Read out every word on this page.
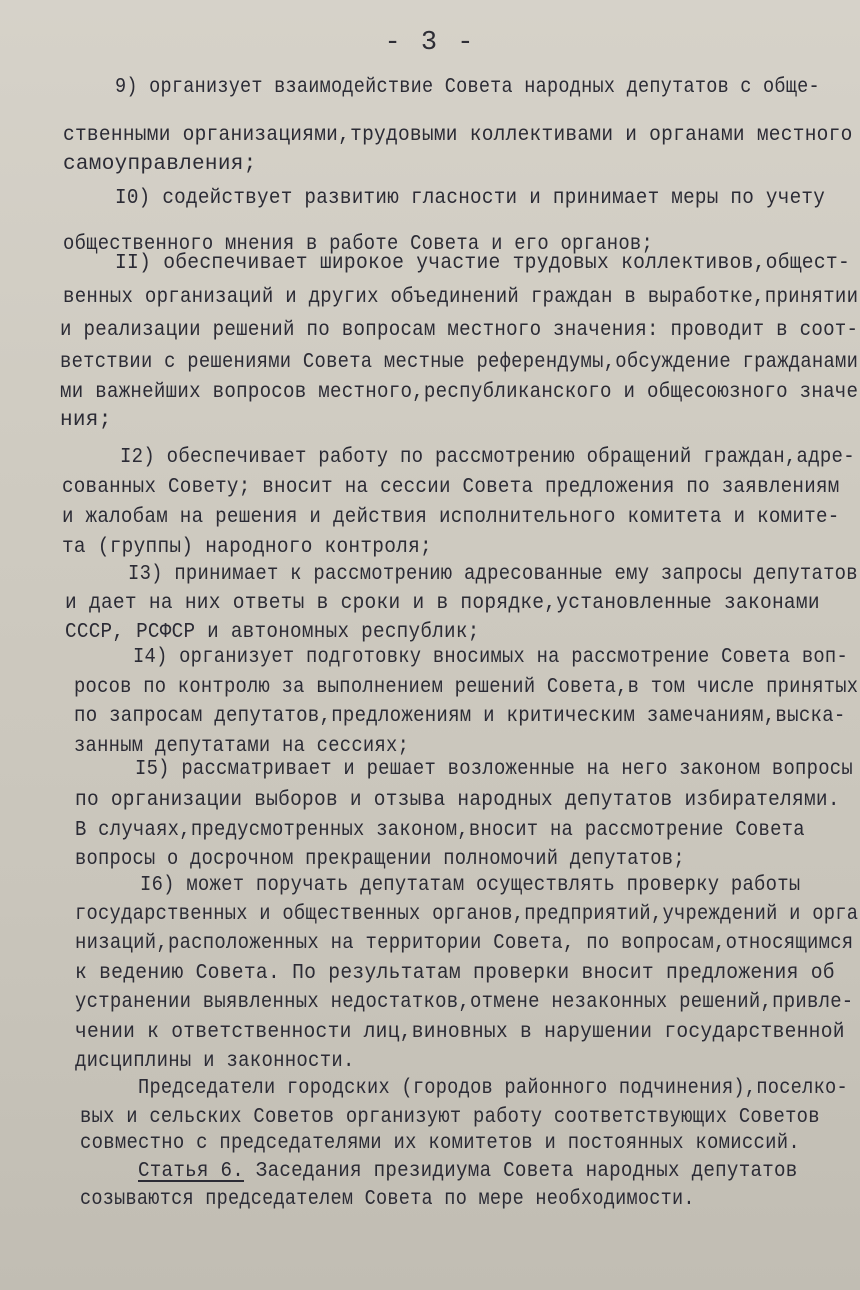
- 3 -
9) организует взаимодействие Совета народных депутатов с обще-
ственными организациями,трудовыми коллективами и органами местного
самоуправления;
I0) содействует развитию гласности и принимает меры по учету
общественного мнения в работе Совета и его органов;
II) обеспечивает широкое участие трудовых коллективов,общест-
венных организаций и других объединений граждан в выработке,принятии
и реализации решений по вопросам местного значения: проводит в соот-
ветствии с решениями Совета местные референдумы,обсуждение гражданами
ми важнейших вопросов местного,республиканского и общесоюзного значе
ния;
I2) обеспечивает работу по рассмотрению обращений граждан,адре-
сованных Совету; вносит на сессии Совета предложения по заявлениям
и жалобам на решения и действия исполнительного комитета и комите-
та (группы) народного контроля;
I3) принимает к рассмотрению адресованные ему запросы депутатов
и дает на них ответы в сроки и в порядке,установленные законами
СССР, РСФСР и автономных республик;
I4) организует подготовку вносимых на рассмотрение Совета воп-
росов по контролю за выполнением решений Совета,в том числе принятых
по запросам депутатов,предложениям и критическим замечаниям,выска-
занным депутатами на сессиях;
I5) рассматривает и решает возложенные на него законом вопросы
по организации выборов и отзыва народных депутатов избирателями.
В случаях,предусмотренных законом,вносит на рассмотрение Совета
вопросы о досрочном прекращении полномочий депутатов;
I6) может поручать депутатам осуществлять проверку работы
государственных и общественных органов,предприятий,учреждений и орга
низаций,расположенных на территории Совета, по вопросам,относящимся
к ведению Совета. По результатам проверки вносит предложения об
устранении выявленных недостатков,отмене незаконных решений,привле-
чении к ответственности лиц,виновных в нарушении государственной
дисциплины и законности.
Председатели городских (городов районного подчинения),поселко-
вых и сельских Советов организуют работу соответствующих Советов
совместно с председателями их комитетов и постоянных комиссий.
Статья 6. Заседания президиума Совета народных депутатов
созываются председателем Совета по мере необходимости.
